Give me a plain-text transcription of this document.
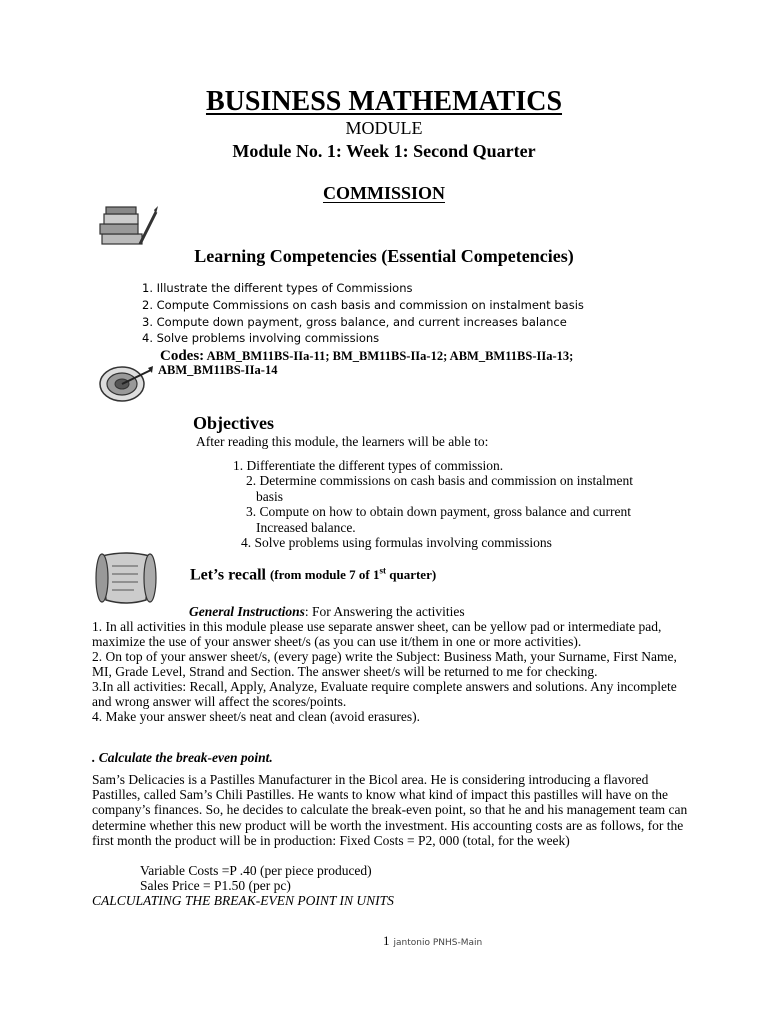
BUSINESS MATHEMATICS
MODULE
Module No. 1: Week 1: Second Quarter
COMMISSION
Learning Competencies (Essential Competencies)
1. Illustrate the different types of Commissions
2. Compute Commissions on cash basis and commission on instalment basis
3. Compute down payment, gross balance, and current increases balance
4. Solve problems involving commissions
Codes: ABM_BM11BS-IIa-11; BM_BM11BS-IIa-12; ABM_BM11BS-IIa-13;
ABM_BM11BS-IIa-14
Objectives
After reading this module, the learners will be able to:
1. Differentiate the different types of commission.
2. Determine commissions on cash basis and commission on instalment
basis
3. Compute on how to obtain down payment, gross balance and current
Increased balance.
4. Solve problems using formulas involving commissions
Let’s recall (from module 7 of 1st quarter)
General Instructions: For Answering the activities
1. In all activities in this module please use separate answer sheet, can be yellow pad or intermediate pad, maximize the use of your answer sheet/s (as you can use it/them in one or more activities).
2. On top of your answer sheet/s, (every page) write the Subject: Business Math, your Surname, First Name, MI, Grade Level, Strand and Section. The answer sheet/s will be returned to me for checking.
3.In all activities: Recall, Apply, Analyze, Evaluate require complete answers and solutions. Any incomplete and wrong answer will affect the scores/points.
4. Make your answer sheet/s neat and clean (avoid erasures).
. Calculate the break-even point.
Sam’s Delicacies is a Pastilles Manufacturer in the Bicol area. He is considering introducing a flavored Pastilles, called Sam’s Chili Pastilles. He wants to know what kind of impact this pastilles will have on the company’s finances. So, he decides to calculate the break-even point, so that he and his management team can determine whether this new product will be worth the investment. His accounting costs are as follows, for the first month the product will be in production: Fixed Costs = P2, 000 (total, for the week)
Variable Costs =P .40 (per piece produced)
Sales Price = P1.50 (per pc)
CALCULATING THE BREAK-EVEN POINT IN UNITS
1 jantonio PNHS-Main
